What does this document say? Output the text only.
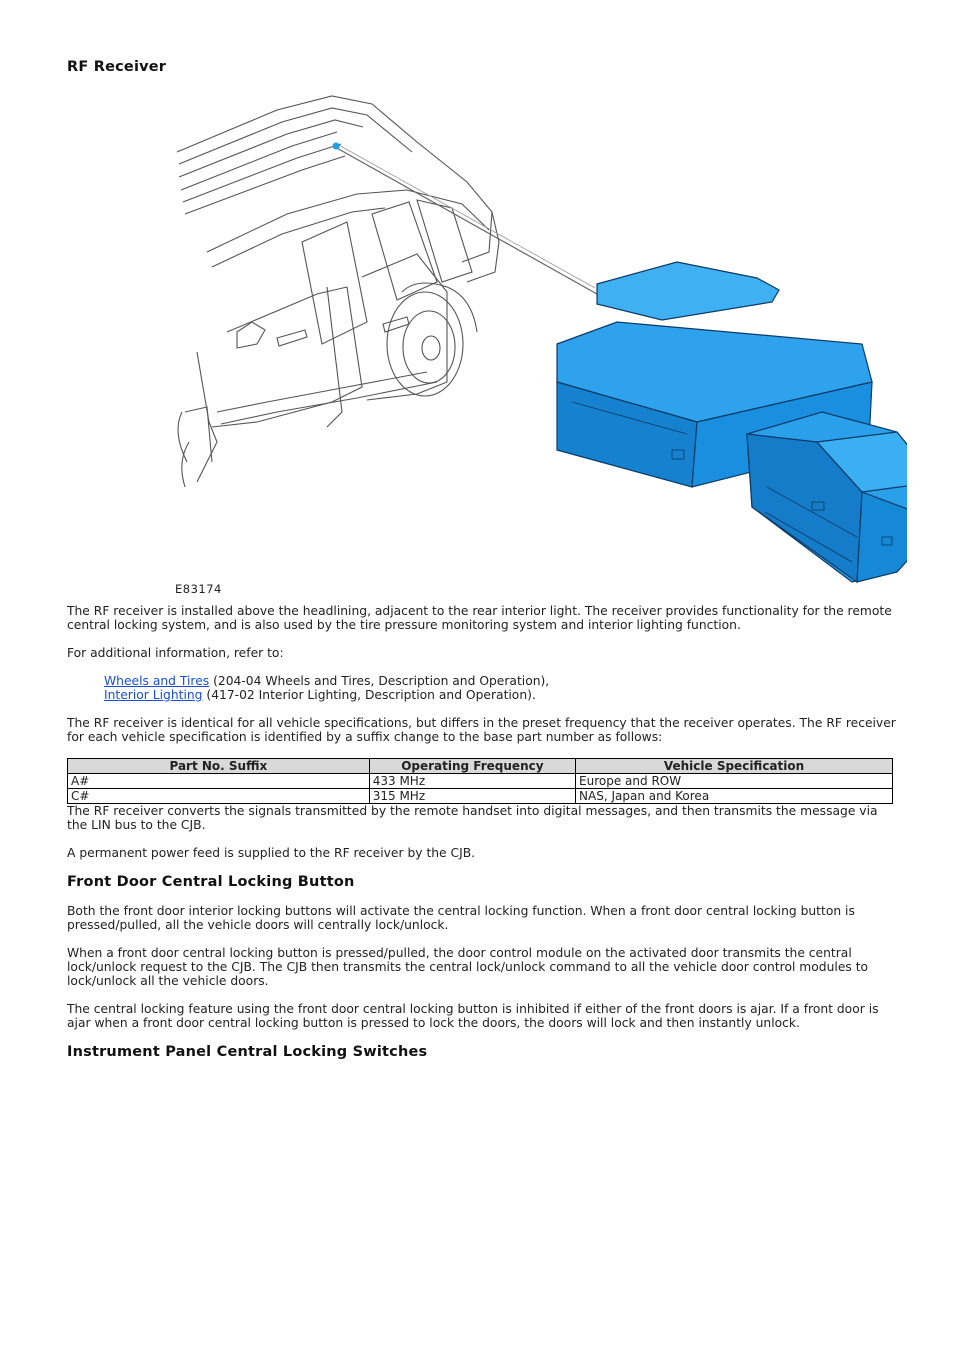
RF Receiver
E83174

The RF receiver is installed above the headlining, adjacent to the rear interior light. The receiver provides functionality for the remote central locking system, and is also used by the tire pressure monitoring system and interior lighting function.

For additional information, refer to:

Wheels and Tires (204-04 Wheels and Tires, Description and Operation),

Interior Lighting (417-02 Interior Lighting, Description and Operation).

The RF receiver is identical for all vehicle specifications, but differs in the preset frequency that the receiver operates. The RF receiver for each vehicle specification is identified by a suffix change to the base part number as follows:

Part No. Suffix	Operating Frequency	Vehicle Specification
A#	433 MHz	Europe and ROW
C#	315 MHz	NAS, Japan and Korea

The RF receiver converts the signals transmitted by the remote handset into digital messages, and then transmits the message via the LIN bus to the CJB.

A permanent power feed is supplied to the RF receiver by the CJB.

Front Door Central Locking Button

Both the front door interior locking buttons will activate the central locking function. When a front door central locking button is pressed/pulled, all the vehicle doors will centrally lock/unlock.

When a front door central locking button is pressed/pulled, the door control module on the activated door transmits the central lock/unlock request to the CJB. The CJB then transmits the central lock/unlock command to all the vehicle door control modules to lock/unlock all the vehicle doors.

The central locking feature using the front door central locking button is inhibited if either of the front doors is ajar. If a front door is ajar when a front door central locking button is pressed to lock the doors, the doors will lock and then instantly unlock.

Instrument Panel Central Locking Switches
